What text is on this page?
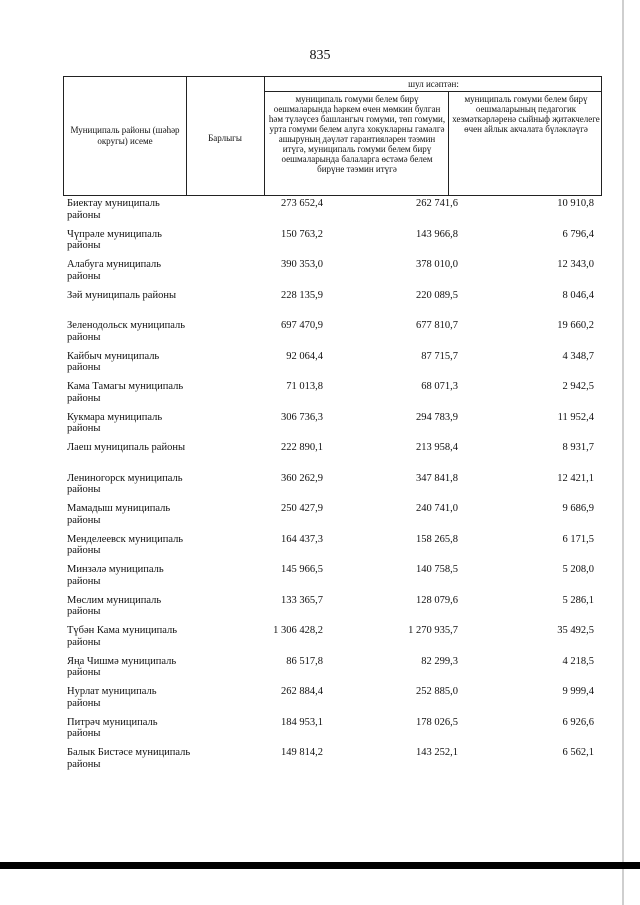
835
Муниципаль районы (шәһәр округы) исеме	Барлыгы
шул исәптән:
муниципаль гомуми белем бирү оешмаларында һәркем өчен мөмкин булган һәм түләүсез башлангыч гомуми, төп гомуми, урта гомуми белем алуга хокукларны гамәлгә ашыруның дәүләт гарантияләрен тәэмин итүгә, муниципаль гомуми белем бирү оешмаларында балаларга өстәмә белем бирүне тәэмин итүгә
муниципаль гомуми белем бирү оешмаларының педагогик хезмәткәрләренә сыйныф җитәкчелеге өчен айлык акчалата бүләкләүгә
Биектау муниципаль районы
273 652,4	262 741,6	10 910,8
Чүпрәле муниципаль районы
150 763,2	143 966,8	6 796,4
Алабуга муниципаль районы
390 353,0	378 010,0	12 343,0
Зәй муниципаль районы	228 135,9	220 089,5	8 046,4
Зеленодольск муниципаль районы
697 470,9	677 810,7	19 660,2
Кайбыч муниципаль районы
92 064,4	87 715,7	4 348,7
Кама Тамагы муниципаль районы
71 013,8	68 071,3	2 942,5
Кукмара муниципаль районы
306 736,3	294 783,9	11 952,4
Лаеш муниципаль районы	222 890,1	213 958,4	8 931,7
Лениногорск муниципаль районы
360 262,9	347 841,8	12 421,1
Мамадыш муниципаль районы
250 427,9	240 741,0	9 686,9
Менделеевск муниципаль районы
164 437,3	158 265,8	6 171,5
Минзәлә муниципаль районы
145 966,5	140 758,5	5 208,0
Мөслим муниципаль районы
133 365,7	128 079,6	5 286,1
Түбән Кама муниципаль районы
1 306 428,2	1 270 935,7	35 492,5
Яңа Чишмә муниципаль районы
86 517,8	82 299,3	4 218,5
Нурлат муниципаль районы
262 884,4	252 885,0	9 999,4
Питрәч муниципаль районы
184 953,1	178 026,5	6 926,6
Балык Бистәсе муниципаль районы
149 814,2	143 252,1	6 562,1
